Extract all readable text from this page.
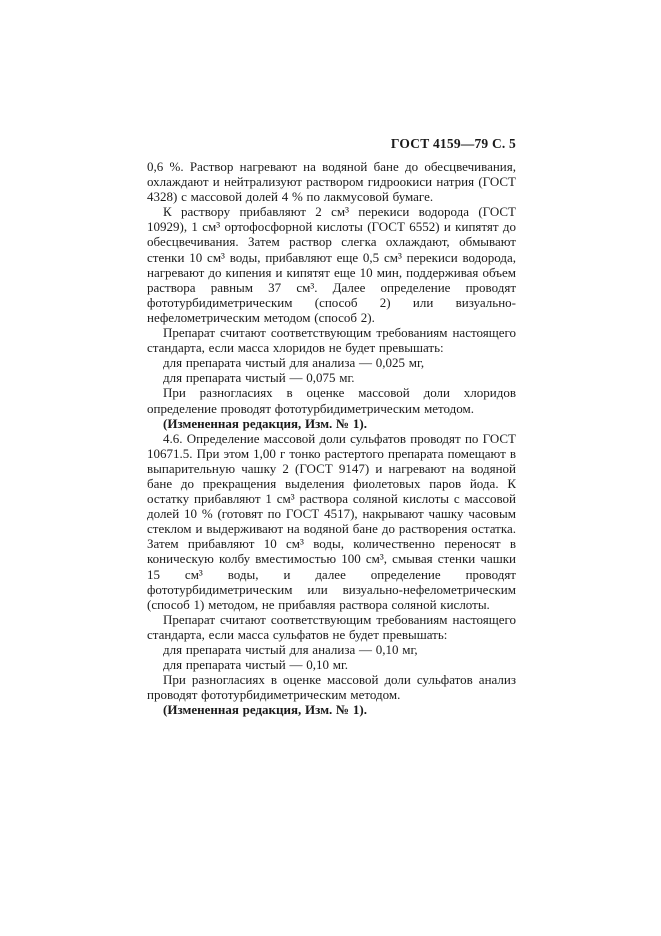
ГОСТ 4159—79 С. 5

0,6 %. Раствор нагревают на водяной бане до обесцвечивания, охлаждают и нейтрализуют раствором гидроокиси натрия (ГОСТ 4328) с массовой долей 4 % по лакмусовой бумаге.

К раствору прибавляют 2 см³ перекиси водорода (ГОСТ 10929), 1 см³ ортофосфорной кислоты (ГОСТ 6552) и кипятят до обесцвечивания. Затем раствор слегка охлаждают, обмывают стенки 10 см³ воды, прибавляют еще 0,5 см³ перекиси водорода, нагревают до кипения и кипятят еще 10 мин, поддерживая объем раствора равным 37 см³. Далее определение проводят фототурбидиметрическим (способ 2) или визуально-нефелометрическим методом (способ 2).

Препарат считают соответствующим требованиям настоящего стандарта, если масса хлоридов не будет превышать:

для препарата чистый для анализа — 0,025 мг,

для препарата чистый — 0,075 мг.

При разногласиях в оценке массовой доли хлоридов определение проводят фототурбидиметрическим методом.

(Измененная редакция, Изм. № 1).

4.6. Определение массовой доли сульфатов проводят по ГОСТ 10671.5. При этом 1,00 г тонко растертого препарата помещают в выпарительную чашку 2 (ГОСТ 9147) и нагревают на водяной бане до прекращения выделения фиолетовых паров йода. К остатку прибавляют 1 см³ раствора соляной кислоты с массовой долей 10 % (готовят по ГОСТ 4517), накрывают чашку часовым стеклом и выдерживают на водяной бане до растворения остатка. Затем прибавляют 10 см³ воды, количественно переносят в коническую колбу вместимостью 100 см³, смывая стенки чашки 15 см³ воды, и далее определение проводят фототурбидиметрическим или визуально-нефелометрическим (способ 1) методом, не прибавляя раствора соляной кислоты.

Препарат считают соответствующим требованиям настоящего стандарта, если масса сульфатов не будет превышать:

для препарата чистый для анализа — 0,10 мг,

для препарата чистый — 0,10 мг.

При разногласиях в оценке массовой доли сульфатов анализ проводят фототурбидиметрическим методом.

(Измененная редакция, Изм. № 1).
